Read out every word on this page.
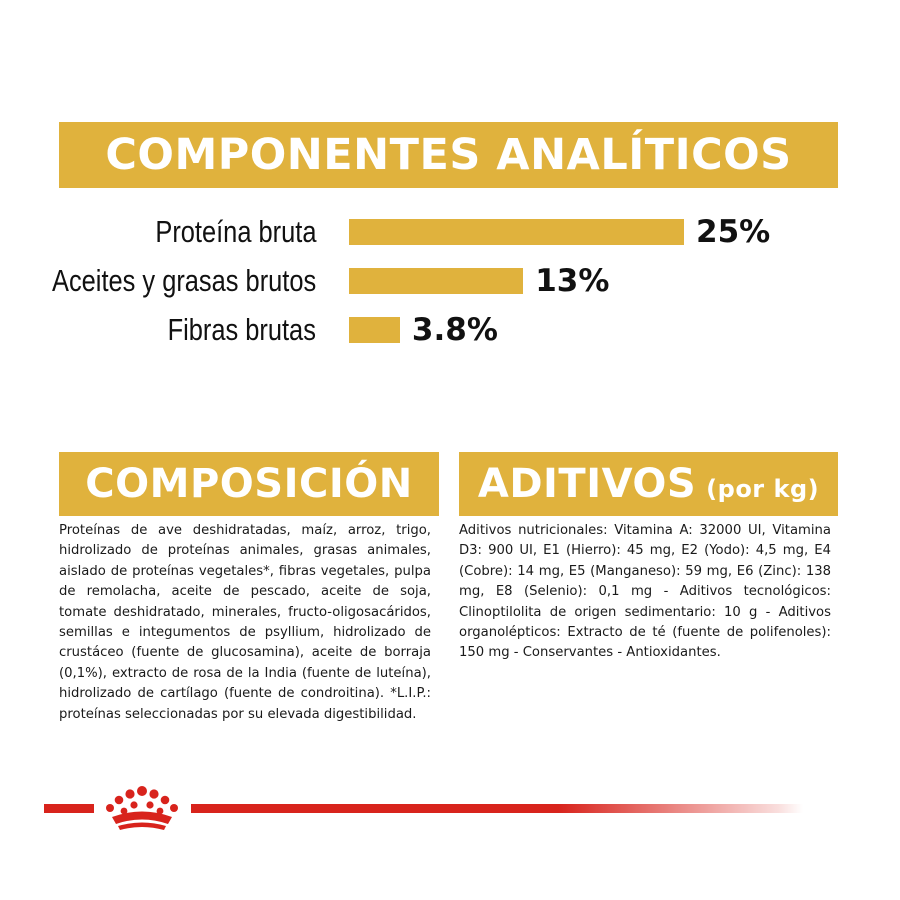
COMPONENTES ANALÍTICOS
Proteína bruta	25%
Aceites y grasas brutos	13%
Fibras brutas	3.8%
COMPOSICIÓN ADITIVOS (por kg)

Proteínas de ave deshidratadas, maíz, arroz, trigo, hidrolizado de proteínas animales, grasas animales, aislado de proteínas vegetales*, fibras vegetales, pulpa de remolacha, aceite de pescado, aceite de soja, tomate deshidratado, minerales, fructo-oligosacáridos, semillas e integumentos de psyllium, hidrolizado de crustáceo (fuente de glucosamina), aceite de borraja (0,1%), extracto de rosa de la India (fuente de luteína), hidrolizado de cartílago (fuente de condroitina). *L.I.P.: proteínas seleccionadas por su elevada digestibilidad.

Aditivos nutricionales: Vitamina A: 32000 UI, Vitamina D3: 900 UI, E1 (Hierro): 45 mg, E2 (Yodo): 4,5 mg, E4 (Cobre): 14 mg, E5 (Manganeso): 59 mg, E6 (Zinc): 138 mg, E8 (Selenio): 0,1 mg - Aditivos tecnológicos: Clinoptilolita de origen sedimentario: 10 g - Aditivos organolépticos: Extracto de té (fuente de polifenoles): 150 mg - Conservantes - Antioxidantes.
